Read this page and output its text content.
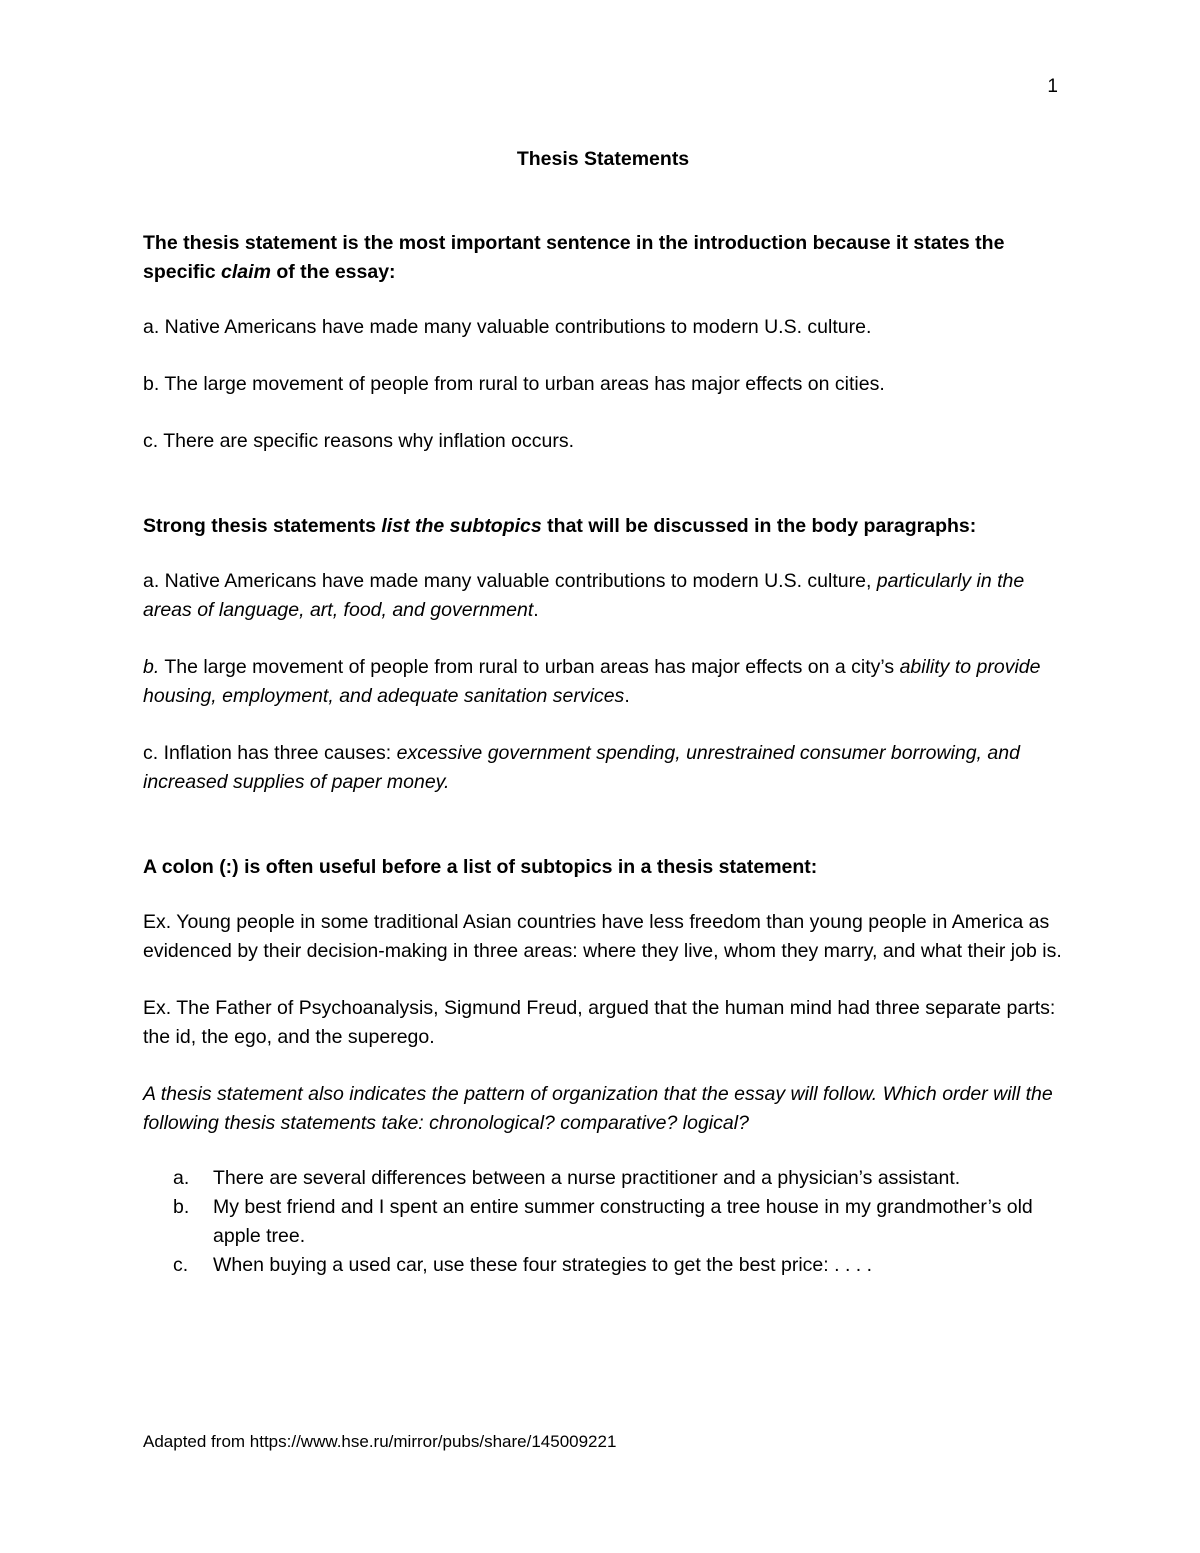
1

Thesis Statements

The thesis statement is the most important sentence in the introduction because it states the specific claim of the essay:

a. Native Americans have made many valuable contributions to modern U.S. culture.

b. The large movement of people from rural to urban areas has major effects on cities.

c. There are specific reasons why inflation occurs.

Strong thesis statements list the subtopics that will be discussed in the body paragraphs:

a. Native Americans have made many valuable contributions to modern U.S. culture, particularly in the areas of language, art, food, and government.

b. The large movement of people from rural to urban areas has major effects on a city’s ability to provide housing, employment, and adequate sanitation services.

c. Inflation has three causes: excessive government spending, unrestrained consumer borrowing, and increased supplies of paper money.

A colon (:) is often useful before a list of subtopics in a thesis statement:

Ex. Young people in some traditional Asian countries have less freedom than young people in America as evidenced by their decision-making in three areas: where they live, whom they marry, and what their job is.

Ex. The Father of Psychoanalysis, Sigmund Freud, argued that the human mind had three separate parts: the id, the ego, and the superego.

A thesis statement also indicates the pattern of organization that the essay will follow. Which order will the following thesis statements take: chronological? comparative? logical?

a. There are several differences between a nurse practitioner and a physician’s assistant.
b. My best friend and I spent an entire summer constructing a tree house in my grandmother’s old apple tree.
c. When buying a used car, use these four strategies to get the best price: . . . .
Adapted from https://www.hse.ru/mirror/pubs/share/145009221
